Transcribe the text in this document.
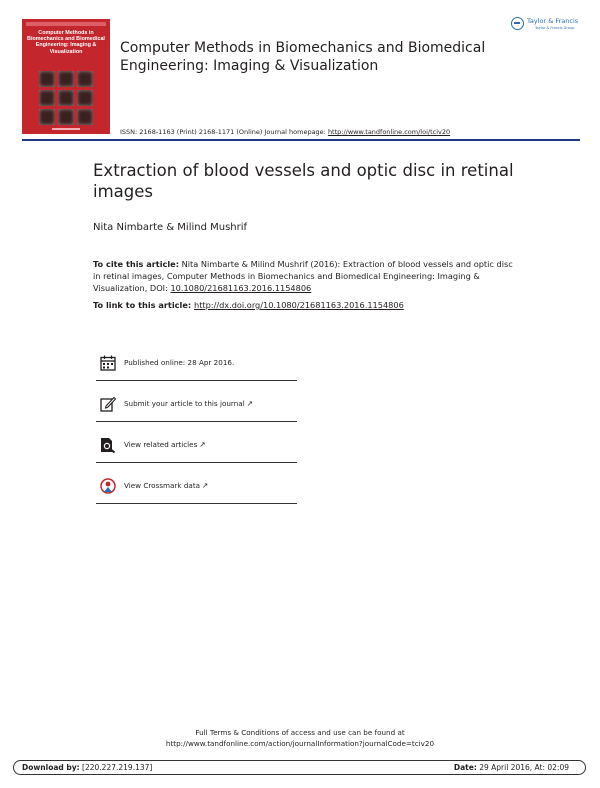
Computer Methods in Biomechanics and Biomedical Engineering: Imaging & Visualization	Computer Methods in Biomechanics and Biomedical Engineering: Imaging & Visualization
Taylor & Francis
Taylor & Francis Group
ISSN: 2168-1163 (Print) 2168-1171 (Online) Journal homepage: http://www.tandfonline.com/loi/tciv20
Extraction of blood vessels and optic disc in retinal images
Nita Nimbarte & Milind Mushrif
To cite this article: Nita Nimbarte & Milind Mushrif (2016): Extraction of blood vessels and optic disc in retinal images, Computer Methods in Biomechanics and Biomedical Engineering: Imaging & Visualization, DOI: 10.1080/21681163.2016.1154806
To link to this article: http://dx.doi.org/10.1080/21681163.2016.1154806
Published online: 28 Apr 2016.
Submit your article to this journal ↗
View related articles ↗
View Crossmark data ↗
Full Terms & Conditions of access and use can be found at
http://www.tandfonline.com/action/journalInformation?journalCode=tciv20
Download by: [220.227.219.137]	Date: 29 April 2016, At: 02:09
